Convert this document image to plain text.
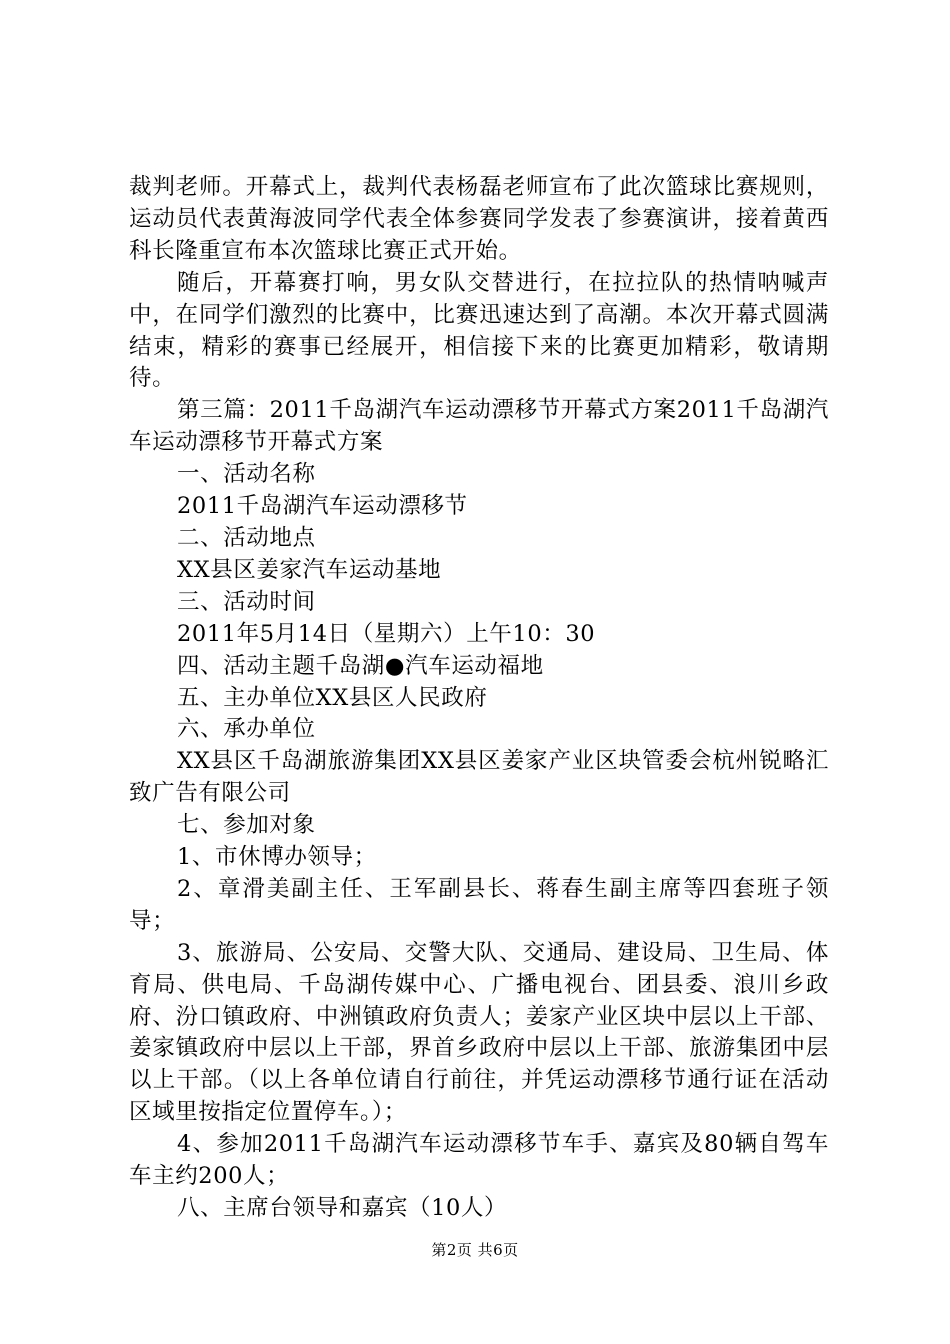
裁判老师。开幕式上，裁判代表杨磊老师宣布了此次篮球比赛规则，运动员代表黄海波同学代表全体参赛同学发表了参赛演讲，接着黄西科长隆重宣布本次篮球比赛正式开始。

随后，开幕赛打响，男女队交替进行，在拉拉队的热情呐喊声中，在同学们激烈的比赛中，比赛迅速达到了高潮。本次开幕式圆满结束，精彩的赛事已经展开，相信接下来的比赛更加精彩，敬请期待。

第三篇：2011千岛湖汽车运动漂移节开幕式方案2011千岛湖汽车运动漂移节开幕式方案

一、活动名称

2011千岛湖汽车运动漂移节

二、活动地点

XX县区姜家汽车运动基地

三、活动时间

2011年5月14日（星期六）上午10：30

四、活动主题千岛湖●汽车运动福地

五、主办单位XX县区人民政府

六、承办单位

XX县区千岛湖旅游集团XX县区姜家产业区块管委会杭州锐略汇致广告有限公司

七、参加对象

1、市休博办领导；

2、章滑美副主任、王军副县长、蒋春生副主席等四套班子领导；

3、旅游局、公安局、交警大队、交通局、建设局、卫生局、体育局、供电局、千岛湖传媒中心、广播电视台、团县委、浪川乡政府、汾口镇政府、中洲镇政府负责人；姜家产业区块中层以上干部、姜家镇政府中层以上干部，界首乡政府中层以上干部、旅游集团中层以上干部。（以上各单位请自行前往，并凭运动漂移节通行证在活动区域里按指定位置停车。）；

4、参加2011千岛湖汽车运动漂移节车手、嘉宾及80辆自驾车车主约200人；

八、主席台领导和嘉宾（10人）

第2页 共6页
